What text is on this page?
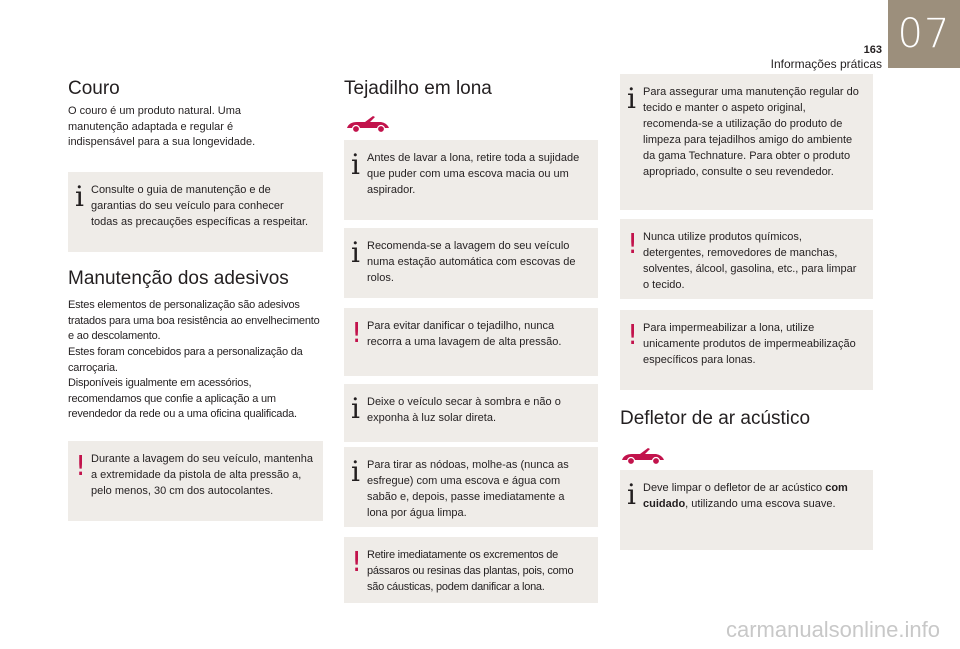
07
163
Informações práticas
Couro

O couro é um produto natural. Uma manutenção adaptada e regular é indispensável para a sua longevidade.

i Consulte o guia de manutenção e de garantias do seu veículo para conhecer todas as precauções específicas a respeitar.

Manutenção dos adesivos

Estes elementos de personalização são adesivos tratados para uma boa resistência ao envelhecimento e ao descolamento.

Estes foram concebidos para a personalização da carroçaria.

Disponíveis igualmente em acessórios, recomendamos que confie a aplicação a um revendedor da rede ou a uma oficina qualificada.

! Durante a lavagem do seu veículo, mantenha a extremidade da pistola de alta pressão a, pelo menos, 30 cm dos autocolantes.

Tejadilho em lona
i Antes de lavar a lona, retire toda a sujidade que puder com uma escova macia ou um aspirador.

i Recomenda-se a lavagem do seu veículo numa estação automática com escovas de rolos.

! Para evitar danificar o tejadilho, nunca recorra a uma lavagem de alta pressão.

i Deixe o veículo secar à sombra e não o exponha à luz solar direta.

i Para tirar as nódoas, molhe-as (nunca as esfregue) com uma escova e água com sabão e, depois, passe imediatamente a lona por água limpa.

! Retire imediatamente os excrementos de pássaros ou resinas das plantas, pois, como são cáusticas, podem danificar a lona.

i Para assegurar uma manutenção regular do tecido e manter o aspeto original, recomenda-se a utilização do produto de limpeza para tejadilhos amigo do ambiente da gama Technature. Para obter o produto apropriado, consulte o seu revendedor.

! Nunca utilize produtos químicos, detergentes, removedores de manchas, solventes, álcool, gasolina, etc., para limpar o tecido.

! Para impermeabilizar a lona, utilize unicamente produtos de impermeabilização específicos para lonas.

Defletor de ar acústico
i Deve limpar o defletor de ar acústico com cuidado, utilizando uma escova suave.

carmanualsonline.info
